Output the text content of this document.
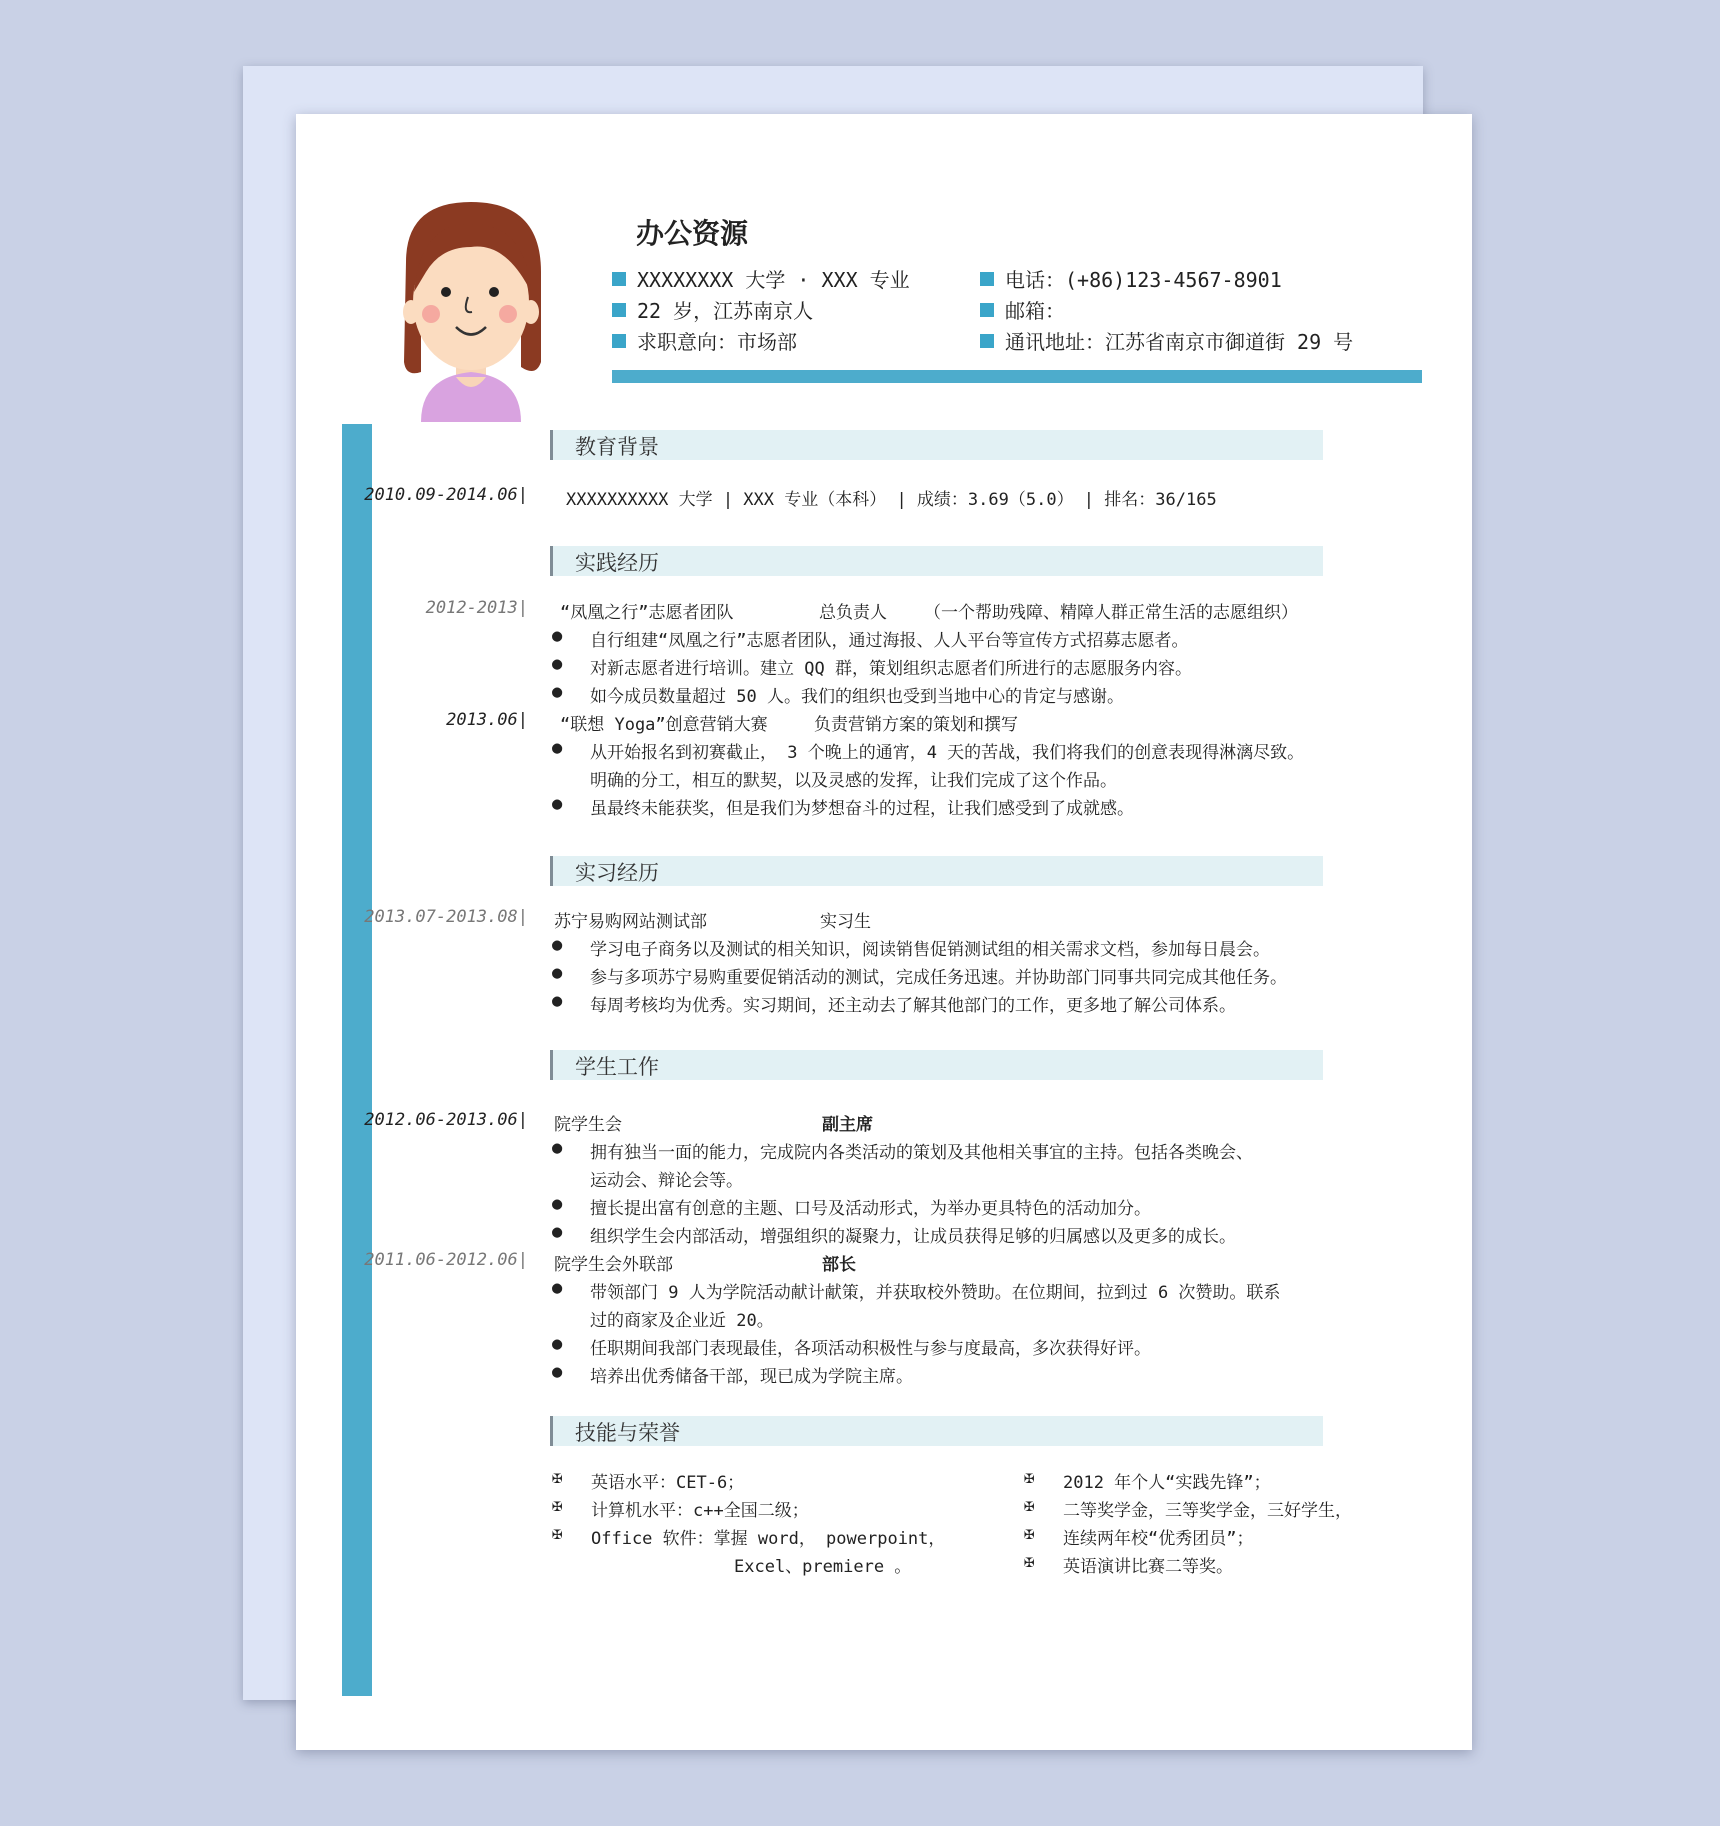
办公资源
XXXXXXXX 大学 · XXX 专业
22 岁，江苏南京人
求职意向：市场部
电话：(+86)123-4567-8901
邮箱：
通讯地址：江苏省南京市御道街 29 号
教育背景
2010.09-2014.06| XXXXXXXXXX 大学 | XXX 专业（本科） | 成绩：3.69（5.0） | 排名：36/165
实践经历
2012-2013| “凤凰之行”志愿者团队	总负责人 （一个帮助残障、精障人群正常生活的志愿组织）
● 自行组建“凤凰之行”志愿者团队，通过海报、人人平台等宣传方式招募志愿者。
● 对新志愿者进行培训。建立 QQ 群，策划组织志愿者们所进行的志愿服务内容。
● 如今成员数量超过 50 人。我们的组织也受到当地中心的肯定与感谢。
2013.06| “联想 Yoga”创意营销大赛	负责营销方案的策划和撰写
● 从开始报名到初赛截止， 3 个晚上的通宵，4 天的苦战，我们将我们的创意表现得淋漓尽致。
明确的分工，相互的默契，以及灵感的发挥，让我们完成了这个作品。
● 虽最终未能获奖，但是我们为梦想奋斗的过程，让我们感受到了成就感。
实习经历
2013.07-2013.08| 苏宁易购网站测试部	实习生
● 学习电子商务以及测试的相关知识，阅读销售促销测试组的相关需求文档，参加每日晨会。
● 参与多项苏宁易购重要促销活动的测试，完成任务迅速。并协助部门同事共同完成其他任务。
● 每周考核均为优秀。实习期间，还主动去了解其他部门的工作，更多地了解公司体系。
学生工作
2012.06-2013.06| 院学生会	副主席
● 拥有独当一面的能力，完成院内各类活动的策划及其他相关事宜的主持。包括各类晚会、
运动会、辩论会等。
● 擅长提出富有创意的主题、口号及活动形式，为举办更具特色的活动加分。
● 组织学生会内部活动，增强组织的凝聚力，让成员获得足够的归属感以及更多的成长。
2011.06-2012.06| 院学生会外联部	部长
● 带领部门 9 人为学院活动献计献策，并获取校外赞助。在位期间，拉到过 6 次赞助。联系
过的商家及企业近 20。
● 任职期间我部门表现最佳，各项活动积极性与参与度最高，多次获得好评。
● 培养出优秀储备干部，现已成为学院主席。
技能与荣誉
✠ 英语水平：CET-6；
✠ 计算机水平：c++全国二级；
✠ Office 软件：掌握 word， powerpoint，
Excel、premiere 。
✠ 2012 年个人“实践先锋”；
✠ 二等奖学金，三等奖学金，三好学生，
✠ 连续两年校“优秀团员”；
✠ 英语演讲比赛二等奖。
